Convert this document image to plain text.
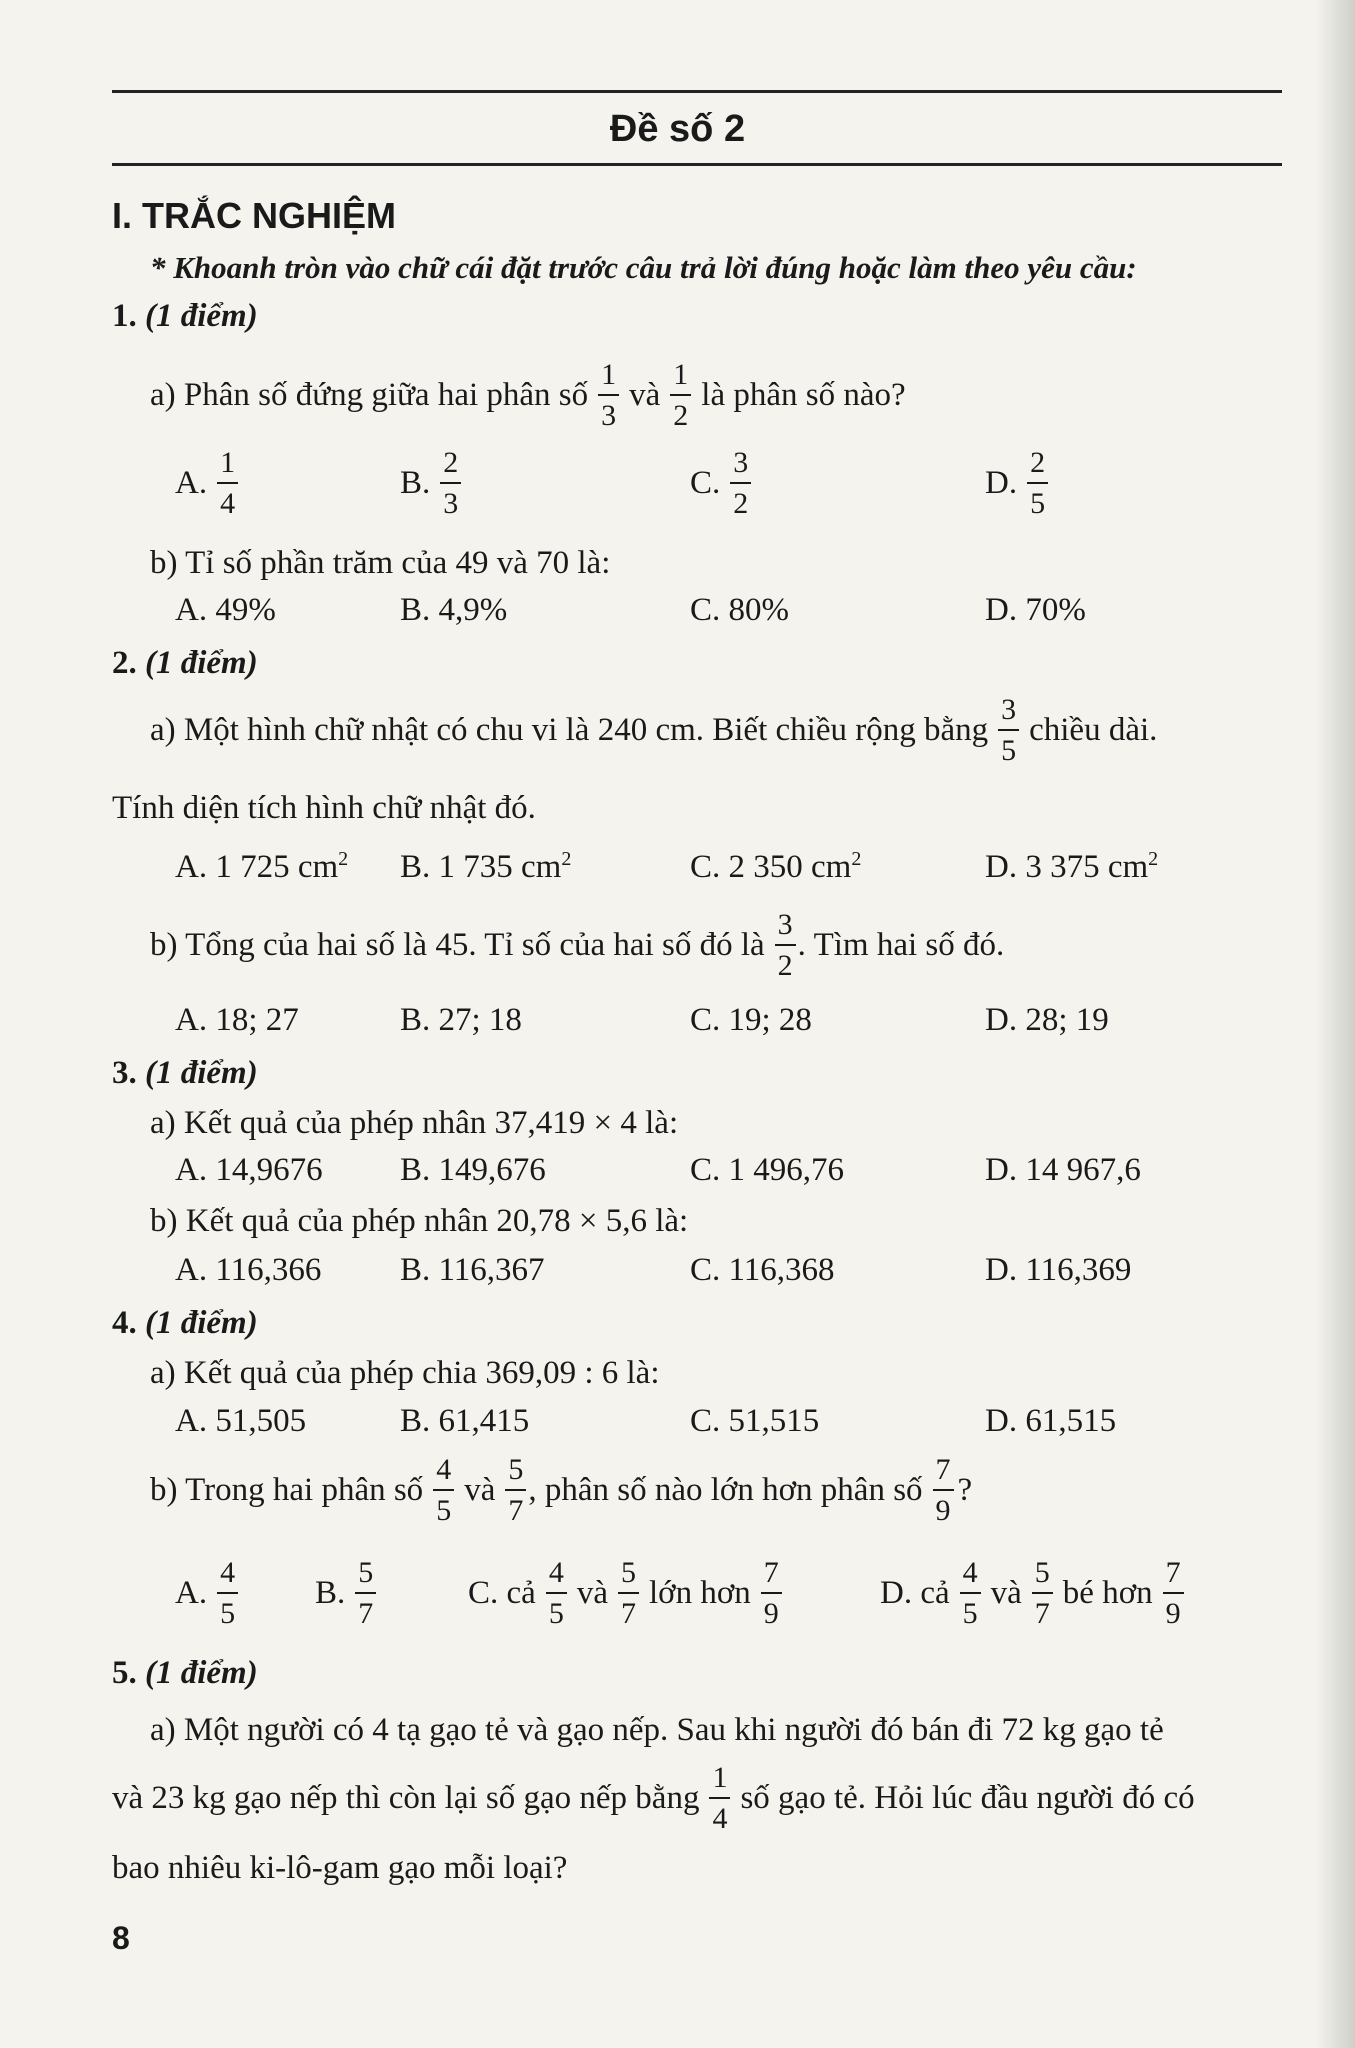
Đề số 2
I. TRẮC NGHIỆM
* Khoanh tròn vào chữ cái đặt trước câu trả lời đúng hoặc làm theo yêu cầu:
1. (1 điểm)
a) Phân số đứng giữa hai phân số $\frac{1}{3}$ và $\frac{1}{2}$ là phân số nào?
A. $\frac{1}{4}$	B. $\frac{2}{3}$	C. $\frac{3}{2}$	D. $\frac{2}{5}$
b) Tỉ số phần trăm của 49 và 70 là:
A. 49%	B. 4,9%	C. 80%	D. 70%
2. (1 điểm)
a) Một hình chữ nhật có chu vi là 240 cm. Biết chiều rộng bằng $\frac{3}{5}$ chiều dài.
Tính diện tích hình chữ nhật đó.
A. 1 725 $cm^2$ B. 1 735 $cm^2$	C. 2 350 $cm^2$	D. 3 375 $cm^2$
b) Tổng của hai số là 45. Tỉ số của hai số đó là $\frac{3}{2}$ . Tìm hai số đó.
A. 18; 27	B. 27; 18	C. 19; 28	D. 28; 19
3. (1 điểm)
a) Kết quả của phép nhân 37,419 × 4 là:
A. 14,9676 B. 149,676	C. 1 496,76	D. 14 967,6
b) Kết quả của phép nhân 20,78 × 5,6 là:
A. 116,366 B. 116,367	C. 116,368	D. 116,369
4. (1 điểm)
a) Kết quả của phép chia 369,09 : 6 là:
A. 51,505	B. 61,415	C. 51,515	D. 61,515
b) Trong hai phân số $\frac{4}{5}$ và $\frac{5}{7}$ , phân số nào lớn hơn phân số $\frac{7}{9}$ ?
A. $\frac{4}{5} B$. $\frac{5}{7}$	C. cả $\frac{4}{5}$ và $\frac{5}{7}$ lớn hơn $\frac{7}{9}$	D. cả $\frac{4}{5}$ và $\frac{5}{7}$ bé hơn $\frac{7}{9}$
5. (1 điểm)
a) Một người có 4 tạ gạo tẻ và gạo nếp. Sau khi người đó bán đi 72 kg gạo tẻ
và 23 kg gạo nếp thì còn lại số gạo nếp bằng $\frac{1}{4}$ số gạo tẻ. Hỏi lúc đầu người đó có
bao nhiêu ki-lô-gam gạo mỗi loại?
8
